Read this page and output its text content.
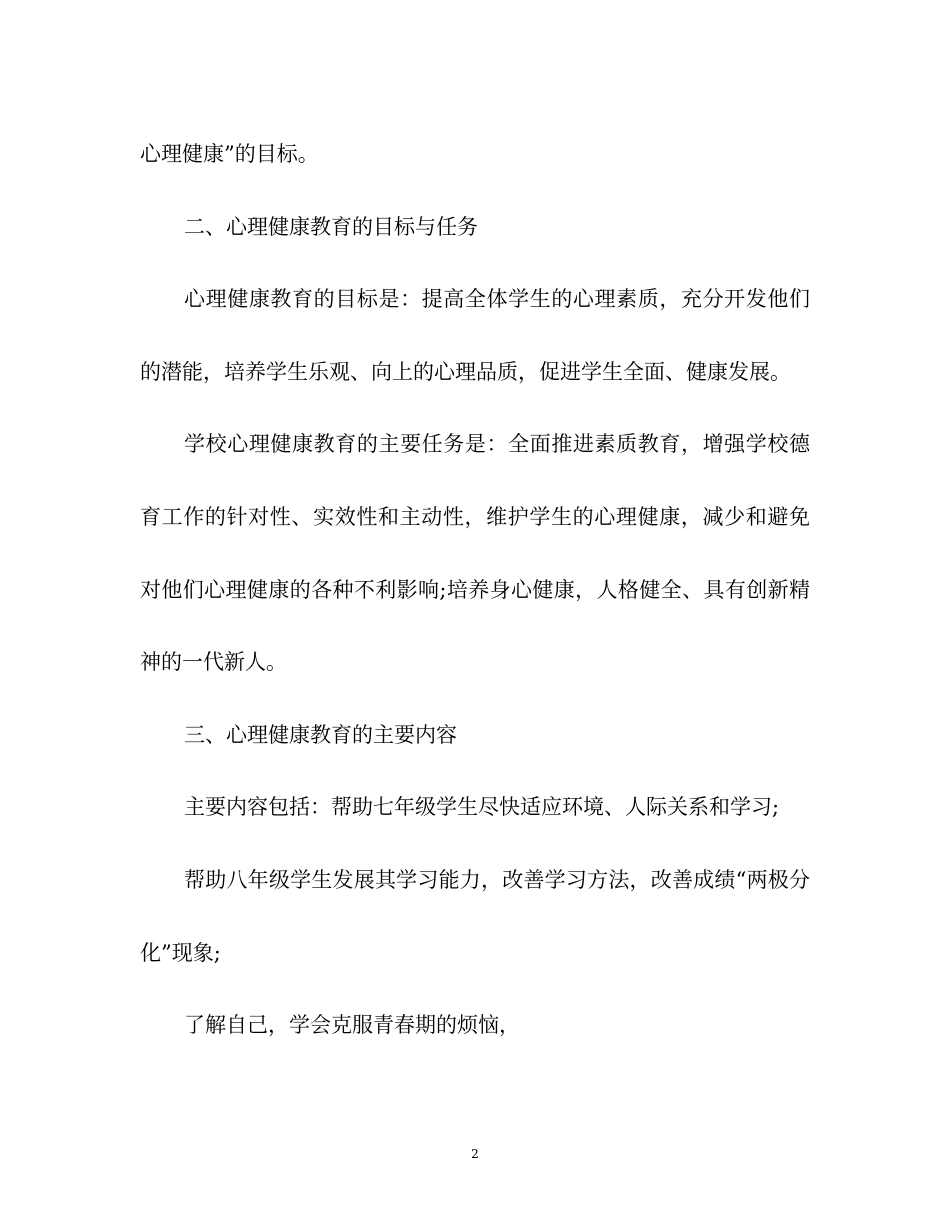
心理健康”的目标。

二、心理健康教育的目标与任务

心理健康教育的目标是：提高全体学生的心理素质，充分开发他们的潜能，培养学生乐观、向上的心理品质，促进学生全面、健康发展。

学校心理健康教育的主要任务是：全面推进素质教育，增强学校德育工作的针对性、实效性和主动性，维护学生的心理健康，减少和避免对他们心理健康的各种不利影响;培养身心健康，人格健全、具有创新精神的一代新人。

三、心理健康教育的主要内容

主要内容包括：帮助七年级学生尽快适应环境、人际关系和学习;

帮助八年级学生发展其学习能力，改善学习方法，改善成绩“两极分化”现象;

了解自己，学会克服青春期的烦恼，

2
